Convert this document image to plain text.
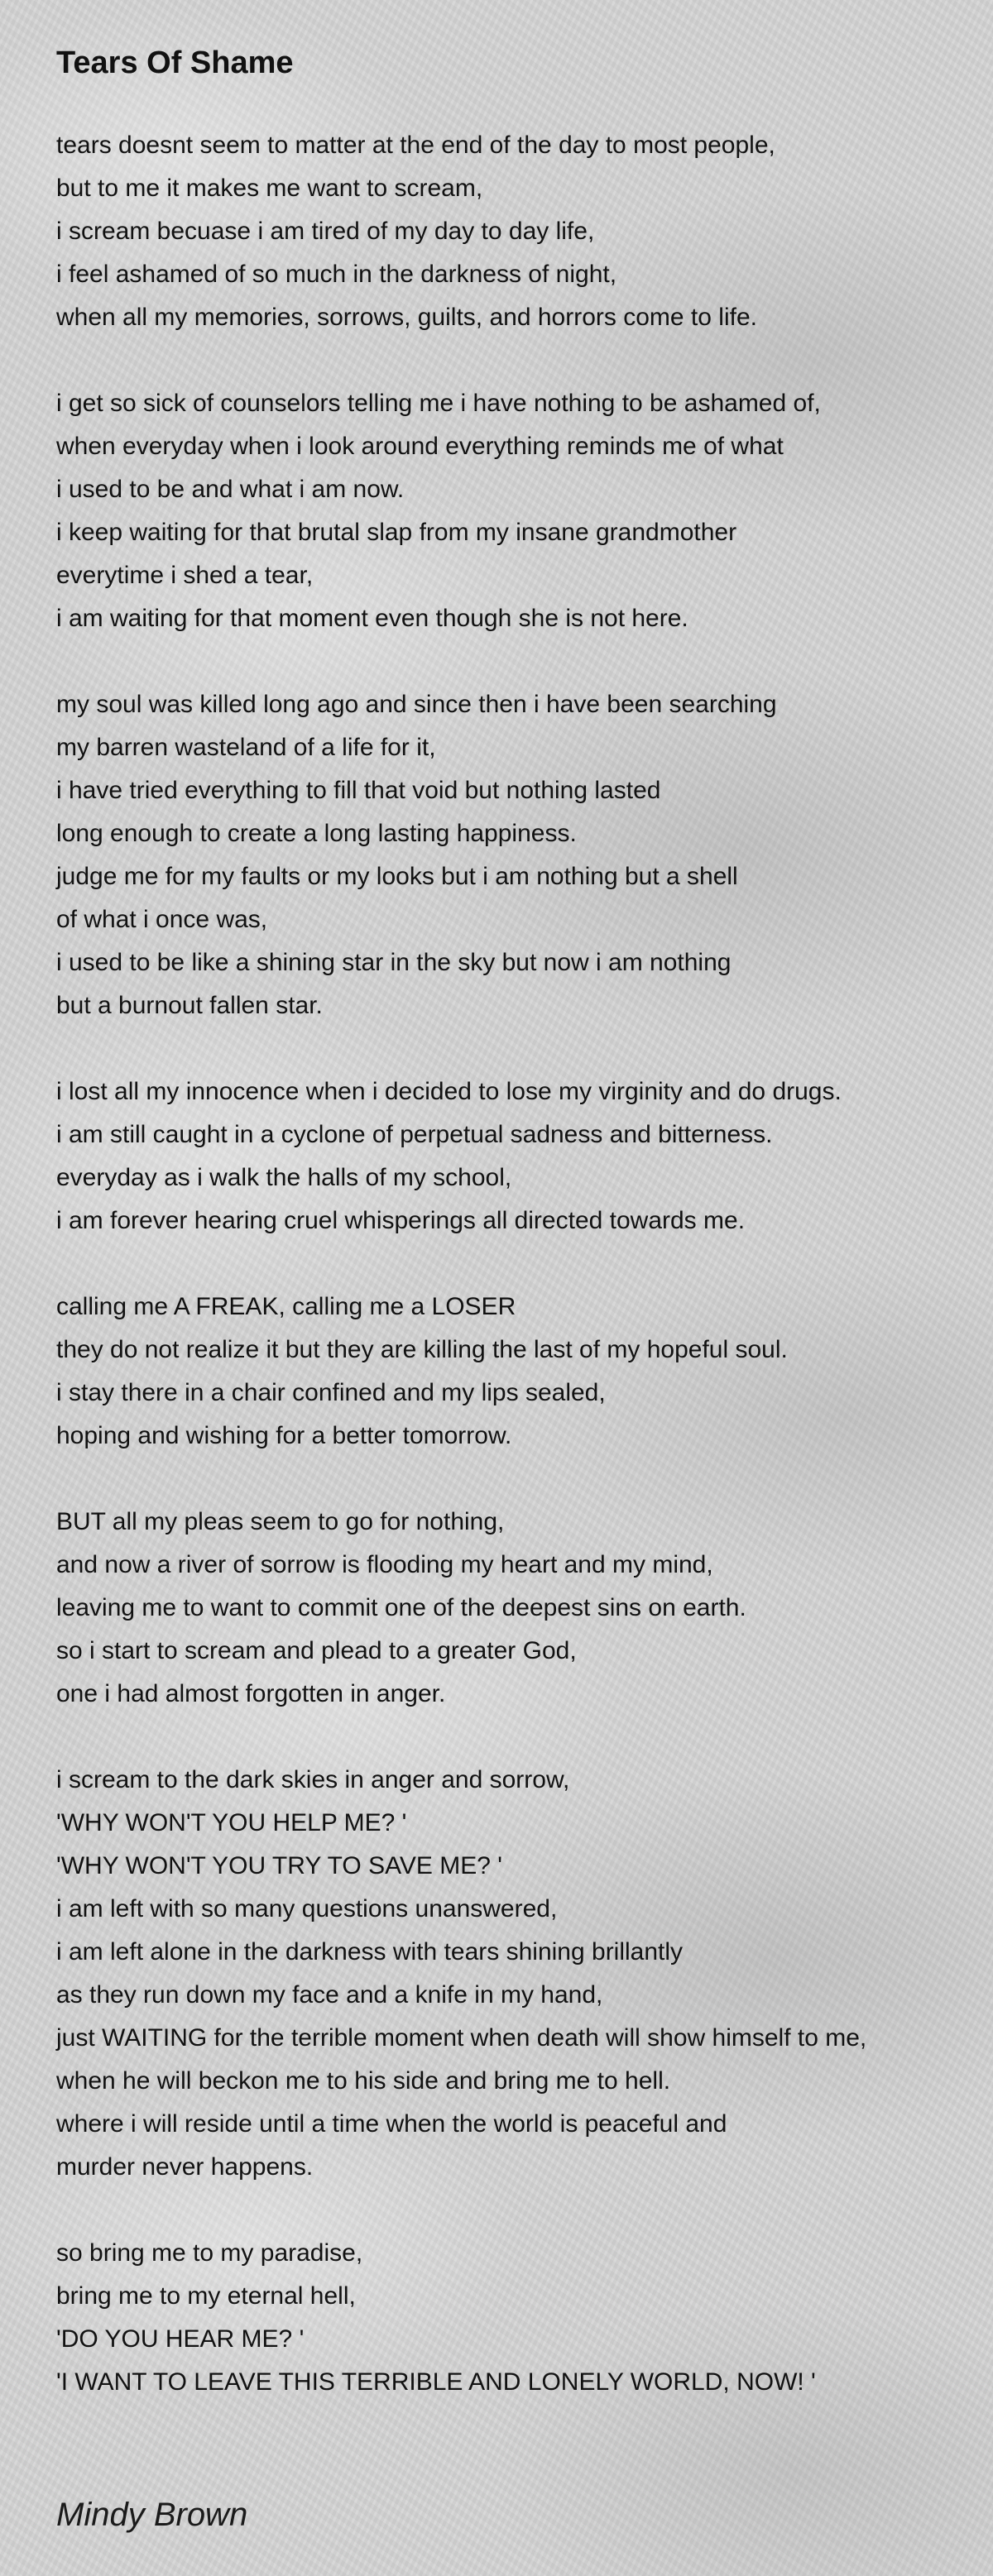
Tears Of Shame
tears doesnt seem to matter at the end of the day to most people,
but to me it makes me want to scream,
i scream becuase i am tired of my day to day life,
i feel ashamed of so much in the darkness of night,
when all my memories, sorrows, guilts, and horrors come to life.
i get so sick of counselors telling me i have nothing to be ashamed of,
when everyday when i look around everything reminds me of what
i used to be and what i am now.
i keep waiting for that brutal slap from my insane grandmother
everytime i shed a tear,
i am waiting for that moment even though she is not here.
my soul was killed long ago and since then i have been searching
my barren wasteland of a life for it,
i have tried everything to fill that void but nothing lasted
long enough to create a long lasting happiness.
judge me for my faults or my looks but i am nothing but a shell
of what i once was,
i used to be like a shining star in the sky but now i am nothing
but a burnout fallen star.
i lost all my innocence when i decided to lose my virginity and do drugs.
i am still caught in a cyclone of perpetual sadness and bitterness.
everyday as i walk the halls of my school,
i am forever hearing cruel whisperings all directed towards me.
calling me A FREAK, calling me a LOSER
they do not realize it but they are killing the last of my hopeful soul.
i stay there in a chair confined and my lips sealed,
hoping and wishing for a better tomorrow.
BUT all my pleas seem to go for nothing,
and now a river of sorrow is flooding my heart and my mind,
leaving me to want to commit one of the deepest sins on earth.
so i start to scream and plead to a greater God,
one i had almost forgotten in anger.
i scream to the dark skies in anger and sorrow,
'WHY WON'T YOU HELP ME? '
'WHY WON'T YOU TRY TO SAVE ME? '
i am left with so many questions unanswered,
i am left alone in the darkness with tears shining brillantly
as they run down my face and a knife in my hand,
just WAITING for the terrible moment when death will show himself to me,
when he will beckon me to his side and bring me to hell.
where i will reside until a time when the world is peaceful and
murder never happens.
so bring me to my paradise,
bring me to my eternal hell,
'DO YOU HEAR ME? '
'I WANT TO LEAVE THIS TERRIBLE AND LONELY WORLD, NOW! '

Mindy Brown
